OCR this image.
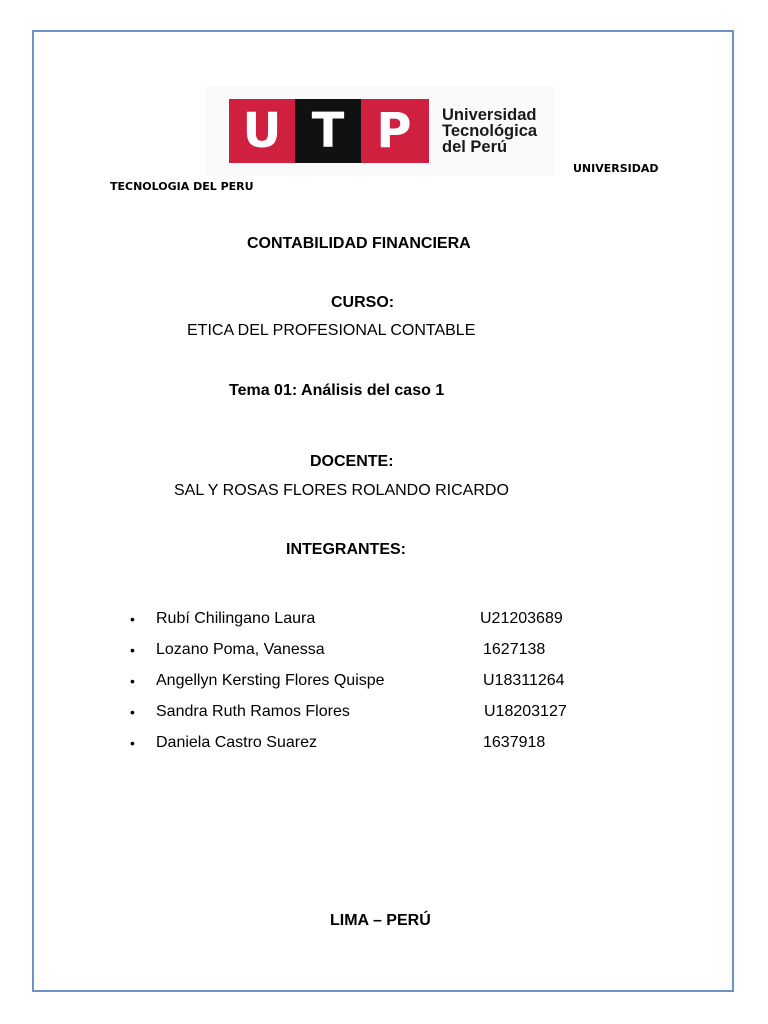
U T P	Universidad
Tecnológica
del Perú
UNIVERSIDAD
TECNOLOGIA DEL PERU
CONTABILIDAD FINANCIERA
CURSO:
ETICA DEL PROFESIONAL CONTABLE
Tema 01: Análisis del caso 1
DOCENTE:
SAL Y ROSAS FLORES ROLANDO RICARDO
INTEGRANTES:
• Rubí Chilingano Laura	U21203689
• Lozano Poma, Vanessa	1627138
• Angellyn Kersting Flores Quispe	U18311264
• Sandra Ruth Ramos Flores	U18203127
• Daniela Castro Suarez	1637918
LIMA – PERÚ
